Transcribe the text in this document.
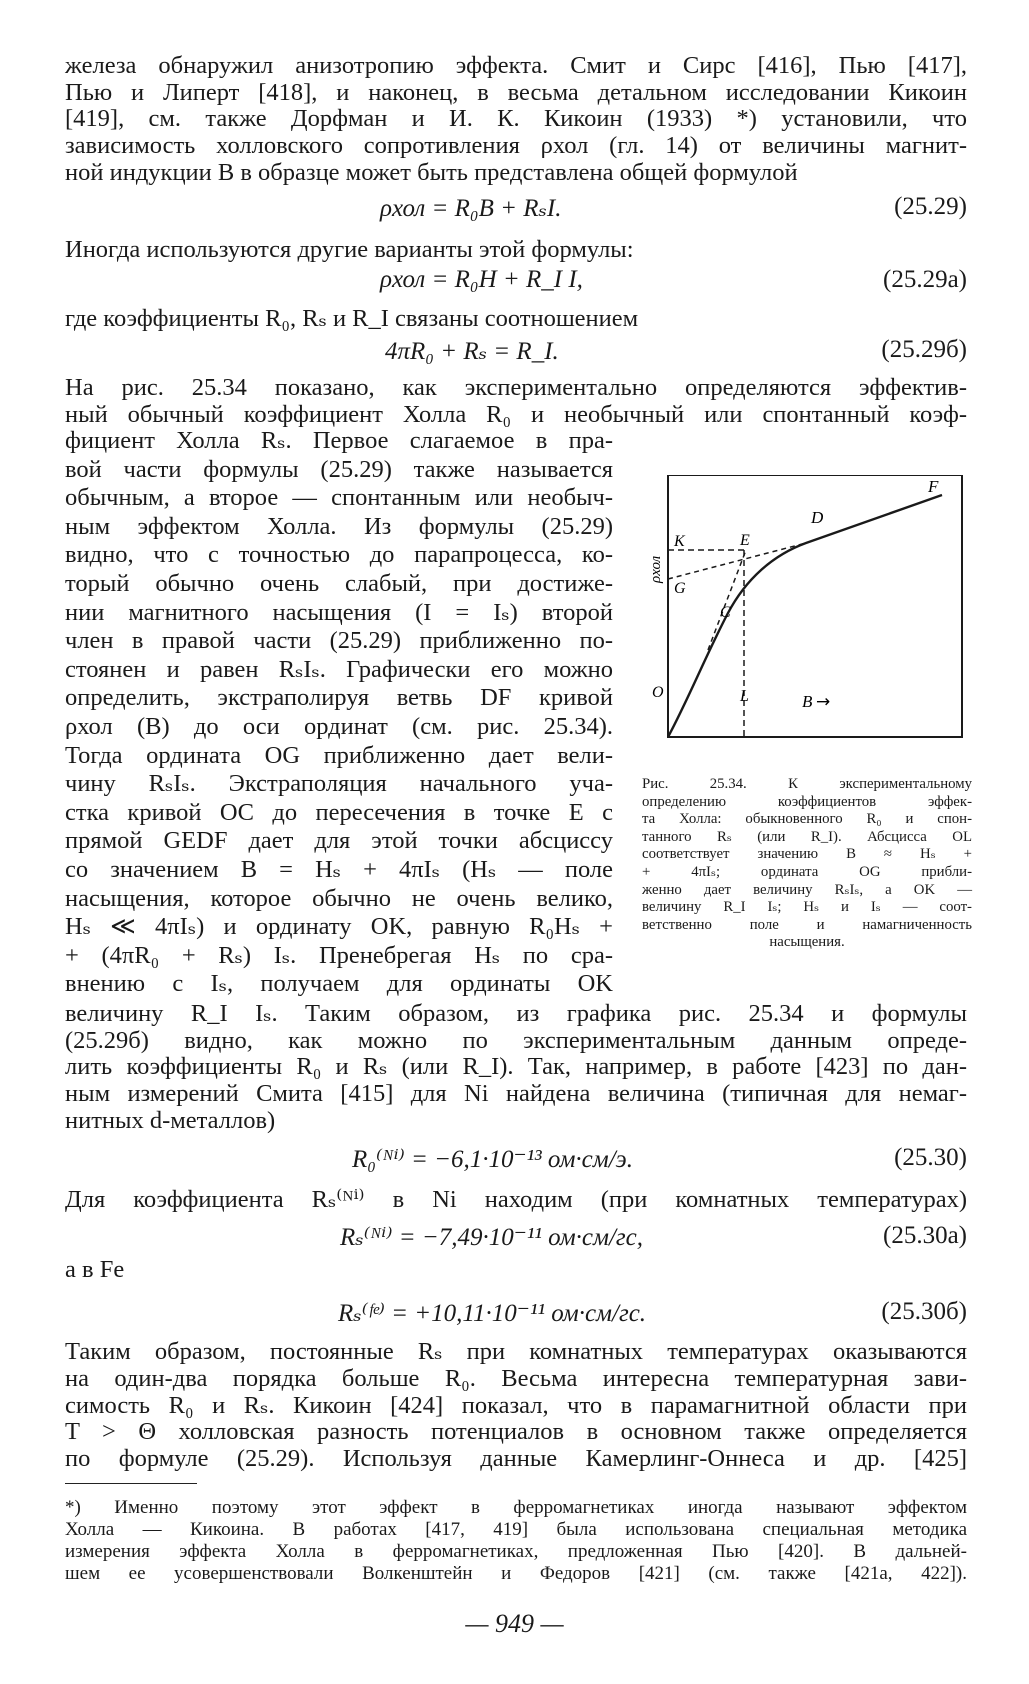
железа обнаружил анизотропию эффекта. Смит и Сирс [416], Пью [417],

Пью и Липерт [418], и наконец, в весьма детальном исследовании Кикоин

[419], см. также Дорфман и И. К. Кикоин (1933) *) установили, что

зависимость холловского сопротивления ρхол (гл. 14) от величины магнит-

ной индукции B в образце может быть представлена общей формулой

ρхол = R₀B + RₛI.	(25.29)

Иногда используются другие варианты этой формулы:

ρхол = R₀H + R_I I,	(25.29а)

где коэффициенты R₀, Rₛ и R_I связаны соотношением

4πR₀ + Rₛ = R_I.	(25.29б)

На рис. 25.34 показано, как экспериментально определяются эффектив-

ный обычный коэффициент Холла R₀ и необычный или спонтанный коэф-

фициент Холла Rₛ. Первое слагаемое в пра-
вой части формулы (25.29) также называется
обычным, а второе — спонтанным или необыч-
ным эффектом Холла. Из формулы (25.29)
видно, что с точностью до парапроцесса, ко-
торый обычно очень слабый, при достиже-
нии магнитного насыщения (I = Iₛ) второй
член в правой части (25.29) приближенно по-
стоянен и равен RₛIₛ. Графически его можно
определить, экстраполируя ветвь DF кривой
ρхол (B) до оси ординат (см. рис. 25.34).
Тогда ордината OG приближенно дает вели-
чину RₛIₛ. Экстраполяция начального уча-
стка кривой OC до пересечения в точке E с
прямой GEDF дает для этой точки абсциссу
со значением B = Hₛ + 4πIₛ (Hₛ — поле
насыщения, которое обычно не очень велико,
Hₛ ≪ 4πIₛ) и ординату OK, равную R₀Hₛ +
+ (4πR₀ + Rₛ) Iₛ. Пренебрегая Hₛ по сра-
внению с Iₛ, получаем для ординаты OK
F
D
K	E
G
C
O	L	B →
ρхол
Рис. 25.34. К экспериментальному
определению коэффициентов эффек-
та Холла: обыкновенного R₀ и спон-
танного Rₛ (или R_I). Абсцисса OL
соответствует значению B ≈ Hₛ +
+ 4πIₛ; ордината OG прибли-
женно дает величину RₛIₛ, а OK —
величину R_I Iₛ; Hₛ и Iₛ — соот-
ветственно поле и намагниченность
насыщения.

величину R_I Iₛ. Таким образом, из графика рис. 25.34 и формулы

(25.29б) видно, как можно по экспериментальным данным опреде-

лить коэффициенты R₀ и Rₛ (или R_I). Так, например, в работе [423] по дан-

ным измерений Смита [415] для Ni найдена величина (типичная для немаг-

нитных d-металлов)

R₀⁽ᴺⁱ⁾ = −6,1·10⁻¹³ ом·см/э.	(25.30)

Для коэффициента Rₛ⁽ᴺⁱ⁾ в Ni находим (при комнатных температурах)

Rₛ⁽ᴺⁱ⁾ = −7,49·10⁻¹¹ ом·см/гс,	(25.30а)

а в Fe

Rₛ⁽ᶠᵉ⁾ = +10,11·10⁻¹¹ ом·см/гс.	(25.30б)

Таким образом, постоянные Rₛ при комнатных температурах оказываются

на один-два порядка больше R₀. Весьма интересна температурная зави-

симость R₀ и Rₛ. Кикоин [424] показал, что в парамагнитной области при

T > Θ холловская разность потенциалов в основном также определяется

по формуле (25.29). Используя данные Камерлинг-Оннеса и др. [425]

*) Именно поэтому этот эффект в ферромагнетиках иногда называют эффектом
Холла — Кикоина. В работах [417, 419] была использована специальная методика
измерения эффекта Холла в ферромагнетиках, предложенная Пью [420]. В дальней-
шем ее усовершенствовали Волкенштейн и Федоров [421] (см. также [421а, 422]).
— 949 —
